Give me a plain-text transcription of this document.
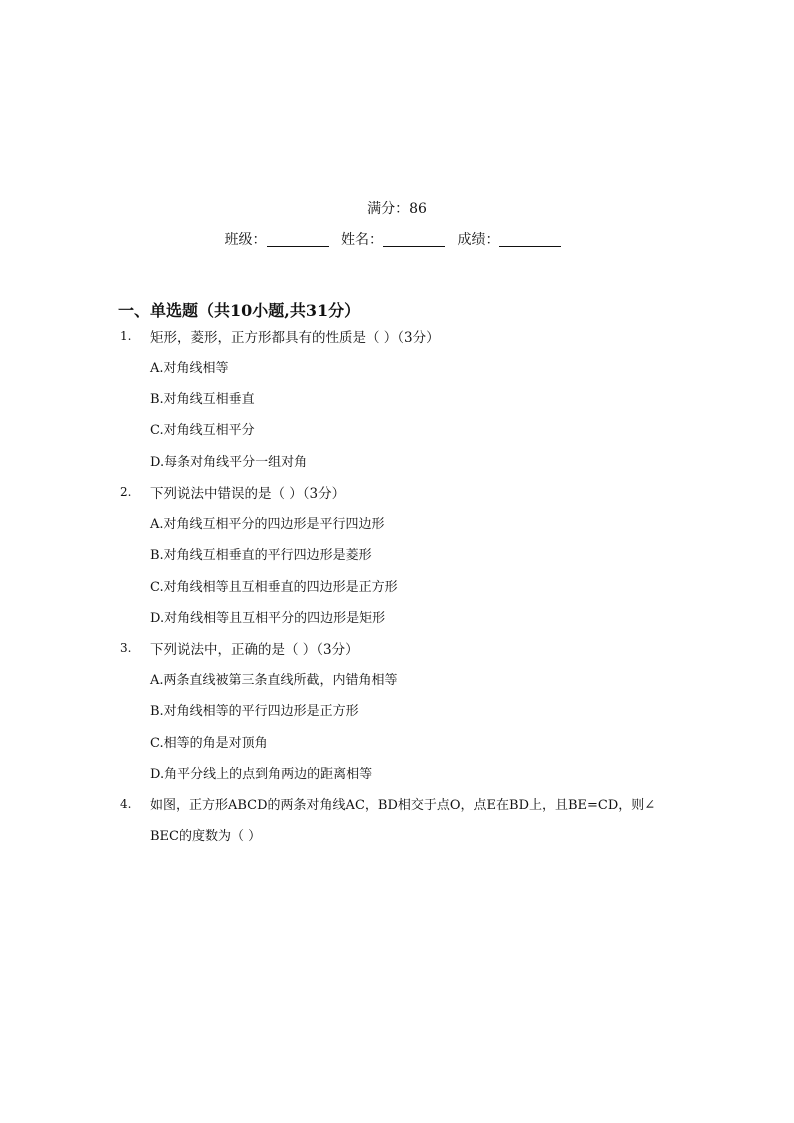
满分：86
班级：	姓名：	成绩：
一、单选题（共10小题,共31分）
1. 矩形，菱形，正方形都具有的性质是（ ）（3分）
A.对角线相等
B.对角线互相垂直
C.对角线互相平分
D.每条对角线平分一组对角
2. 下列说法中错误的是（ ）（3分）
A.对角线互相平分的四边形是平行四边形
B.对角线互相垂直的平行四边形是菱形
C.对角线相等且互相垂直的四边形是正方形
D.对角线相等且互相平分的四边形是矩形
3. 下列说法中，正确的是（ ）（3分）
A.两条直线被第三条直线所截，内错角相等
B.对角线相等的平行四边形是正方形
C.相等的角是对顶角
D.角平分线上的点到角两边的距离相等
4. 如图，正方形ABCD的两条对角线AC，BD相交于点O，点E在BD上，且BE=CD，则∠
BEC的度数为（ ）
